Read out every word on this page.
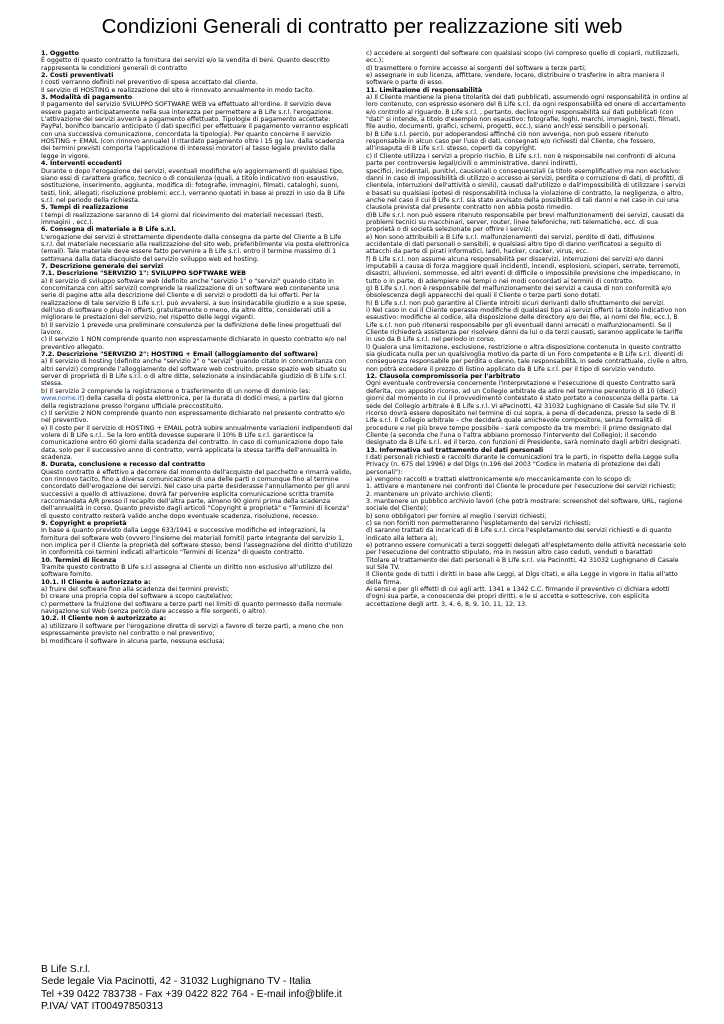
Condizioni Generali di contratto per realizzazione siti web

1. Oggetto

È oggetto di questo contratto la fornitura dei servizi e/o la vendita di beni. Quanto descritto rappresenta le condizioni generali di contratto

2. Costi preventivati

I costi verranno definiti nel preventivo di spesa accettato dal cliente.

Il servizio di HOSTING e realizzazione del sito è rinnovato annualmente in modo tacito.

3. Modalità di pagamento

Il pagamento del servizio SVILUPPO SOFTWARE WEB va effettuato all'ordine. Il servizio deve essere pagato anticipatamente nella sua interezza per permettere a B Life s.r.l. l'erogazione. L'attivazione dei servizi avverrà a pagamento effettuato. Tipologie di pagamento accettate: PayPal, bonifico bancario anticipato (i dati specifici per effettuare il pagamento verranno esplicati con una successiva comunicazione, concordata la tipologia). Per quanto concerne il servizio HOSTING + EMAIL (con rinnovo annuale) il ritardato pagamento oltre i 15 gg lav. dalla scadenza dei termini previsti comporta l'applicazione di interessi moratori al tasso legale previsto dalla legge in vigore.

4. Interventi eccedenti

Durante o dopo l'erogazione dei servizi, eventuali modifiche e/o aggiornamenti di qualsiasi tipo, siano essi di carattere grafico, tecnico o di consulenza (quali, a titolo indicativo non esaustivo, sostituzione, inserimento, aggiunta, modifica di: fotografie, immagini, filmati, cataloghi, suoni, testi, link, allegati; risoluzione problemi; ecc.), verranno quotati in base ai prezzi in uso da B Life s.r.l. nel periodo della richiesta.

5. Tempi di realizzazione

I tempi di realizzazione saranno di 14 giorni dal ricevimento dei materiali necessari (testi, immagini , ecc.).

6. Consegna di materiale a B Life s.r.l.

L'erogazione dei servizi è strettamente dipendente dalla consegna da parte del Cliente a B Life s.r.l. del materiale necessario alla realizzazione del sito web, preferibilmente via posta elettronica (email). Tale materiale deve essere fatto pervenire a B Life s.r.l. entro il termine massimo di 1 settimana dalla data diacquisto del servizio sviluppo web ed hosting.

7. Descrizione generale dei servizi

7.1. Descrizione "SERVIZIO 1": SVILUPPO SOFTWARE WEB

a) Il servizio di sviluppo software web (definito anche "servizio 1" o "servizi" quando citato in concomitanza con altri servizi) comprende la realizzazione di un software web contenente una serie di pagine atte alla descrizione del Cliente e di servizi o prodotti da lui offerti. Per la realizzazione di tale servizio B Life s.r.l. può avvalersi, a suo insindacabile giudizio e a sue spese, dell'uso di software o plug-in offerti, gratuitamente o meno, da altre ditte, considerati utili a migliorare le prestazioni del servizio, nel rispetto delle leggi vigenti.

b) Il servizio 1 prevede una preliminare consulenza per la definizione delle linee progettuali del lavoro.

c) Il servizio 1 NON comprende quanto non espressamente dichiarato in questo contratto e/o nel preventivo allegato.

7.2. Descrizione "SERVIZIO 2": HOSTING + Email (alloggiamento del software)

a) Il servizio di hosting (definito anche "servizio 2" o "servizi" quando citato in concomitanza con altri servizi) comprende l'alloggiamento del software web costruito, presso spazio web situato su server di proprietà di B Life s.r.l. o di altre ditte, selezionate a insindacabile giudizio di B Life s.r.l. stessa.

b) Il servizio 2 comprende la registrazione o trasferimento di un nome di dominio (es: www.nome.it) della casella di posta elettronica, per la durata di dodici mesi, a partire dal giorno della registrazione presso l'organo ufficiale preccostituito.

c) Il servizio 2 NON comprende quanto non espressamente dichiarato nel presente contratto e/o nel preventivo.

e) Il costo per il servizio di HOSTING + EMAIL potrà subire annualmente variazioni indipendenti dal volere di B Life s.r.l.. Se la loro entità dovesse superare il 10% B Life s.r.l. garantisce la comunicazione entro 60 giorni dalla scadenza del contratto. In caso di comunicazione dopo tale data, solo per il successivo anno di contratto, verrà applicata la stessa tariffa dell'annualità in scadenza.

8. Durata, conclusione e recesso dal contratto

Questo contratto è effettivo a decorrere dal momento dell'acquisto del pacchetto e rimarrà valido, con rinnovo tacito, fino a diversa comunicazione di una delle parti o comunque fino al termine concordato dell'erogazione dei servizi. Nel caso una parte desiderasse l'annullamento per gli anni successivi a quello di attivazione, dovrà far pervenire esplicita comunicazione scritta tramite raccomandata A/R presso il recapito dell'altra parte, almeno 90 giorni prima della scadenza dell'annualità in corso. Quanto previsto dagli articoli "Copyright e proprietà" e "Termini di licenza" di questo contratto resterà valido anche dopo eventuale scadenza, risoluzione, recesso.

9. Copyright e proprietà

In base a quanto previsto dalla Legge 633/1941 e successive modifiche ed integrazioni, la fornitura del software web (ovvero l'insieme dei materiali forniti) parte integrante del servizio 1, non implica per il Cliente la proprietà del software stesso, bensì l'assegnazione del diritto d'utilizzo in conformità coi termini indicati all'articolo "Termini di licenza" di questo contratto.

10. Termini di licenza

Tramite questo contratto B Life s.r.l assegna al Cliente un diritto non esclusivo all'utilizzo del software fornito.

10.1. Il Cliente è autorizzato a:

a) fruire del software fino alla scadenza dei termini previsti;

b) creare una propria copia del software a scopo cautelativo;

c) permettere la fruizione del software a terze parti nei limiti di quanto permesso dalla normale navigazione sul Web (senza perciò dare accesso a file sorgenti, o altro).

10.2. Il Cliente non è autorizzato a:

a) utilizzare il software per l'erogazione diretta di servizi a favore di terze parti, a meno che non espressamente previsto nel contratto o nel preventivo;

b) modificare il software in alcuna parte, nessuna esclusa;

c) accedere ai sorgenti del software con qualsiasi scopo (ivi compreso quello di copiarli, riutilizzarli, ecc.);

d) trasmettere o fornire accesso ai sorgenti del software a terze parti;

e) assegnare in sub licenza, affittare, vendere, locare, distribuire o trasferire in altra maniera il software o parte di esso.

11. Limitazione di responsabilità

a) Il Cliente mantiene la piena titolarità dei dati pubblicati, assumendo ogni responsabilità in ordine al loro contenuto, con espresso esonero del B Life s.r.l. da ogni responsabilità ed onere di accertamento e/o controllo al riguardo. B Life s.r.l. , pertanto, declina ogni responsabilità sui dati pubblicati (con "dati" si intende, a titolo d'esempio non esaustivo: fotografie, loghi, marchi, immagini, testi, filmati, file audio, documenti, grafici, schemi, progetti, ecc.), siano anch'essi sensibili o personali.

b) B Life s.r.l. perciò, pur adoperandosi affinché ciò non avvenga, non può essere ritenuto responsabile in alcun caso per l'uso di dati, consegnati e/o richiesti dal Cliente, che fossero, all'insaputa di B Life s.r.l. stesso, coperti da copyright.

c) Il Cliente utilizza i servizi a proprio rischio, B Life s.r.l. non è responsabile nei confronti di alcuna parte per controversie legali/civili o amministrative, danni indiretti,

specifici, incidentali, punitivi, causionali o consequenziali (a titolo esemplificativo ma non esclusivo: danni in caso di impossibilità di utilizzo o accesso ai servizi, perdita o corruzione di dati, di profitti, di clientela, interruzioni dell'attività o simili), causati dall'utilizzo o dall'impossibilità di utilizzare i servizi e basati su qualsiasi ipotesi di responsabilità inclusa la violazione di contratto, la negligenza, o altro, anche nel caso il cui B Life s.r.l. sia stato avvisato della possibilità di tali danni e nel caso in cui una clausola prevista dal presente contratto non abbia posto rimedio.

d)B Life s.r.l. non può essere ritenuto responsabile per brevi malfunzionamenti dei servizi, causati da problemi tecnici su macchinari, server, router, linee telefoniche, reti telematiche, ecc. di sua proprietà o di società selezionate per offrire i servizi.

e) Non sono attribuibili a B Life s.r.l. malfunzionamenti dei servizi, perdite di dati, diffusione accidentale di dati personali o sensibili, e qualsiasi altro tipo di danno verificatosi a seguito di attacchi da parte di pirati informatici, ladri, hacker, cracker, virus, ecc.

f) B Life s.r.l. non assume alcuna responsabilità per disservizi, interruzioni dei servizi e/o danni imputabili a causa di forza maggiore quali incidenti, incendi, esplosioni, scioperi, serrate, terremoti, disastri, alluvioni, sommosse, ed altri eventi di difficile o impossibile previsione che impediscano, in tutto o in parte, di adempiere nei tempi o nei modi concordati ai termini di contratto.

g) B Life s.r.l. non è responsabile del malfunzionamento dei servizi a causa di non conformità e/o obsolescenza degli apparecchi dei quali il Cliente o terze parti sono dotati.

h) B Life s.r.l. non può garantire al Cliente introiti sicuri derivanti dallo sfruttamento dei servizi.

i) Nel caso in cui il Cliente operasse modifiche di qualsiasi tipo ai servizi offerti (a titolo indicativo non esaustivo: modifiche al codice, alla disposizione delle directory e/o dei file, ai nomi dei file, ecc.), B Life s.r.l. non può ritenersi responsabile per gli eventuali danni arrecati o malfunzionamenti. Se il Cliente richiederà assistenza per risolvere danni da lui o da terzi causati, saranno applicate le tariffe in uso da B Life s.r.l. nel periodo in corso.

l) Qualora una limitazione, esclusione, restrizione o altra disposizione contenuta in questo contratto sia giudicata nulla per un qualsivoglia motivo da parte di un Foro competente e B Life s.r.l. diventi di conseguenza responsabile per perdita o danno, tale responsabilità, in sede contrattuale, civile o altro, non potrà eccedere il prezzo di listino applicato da B Life s.r.l. per il tipo di servizio venduto.

12. Clausola compromissoria per l'arbitrato

Ogni eventuale controversia concernente l'interpretazione e l'esecuzione di questo Contratto sarà deferita, con apposito ricorso, ad un Collegio arbitrale da adire nel termine perentorio di 10 (dieci) giorni dal momento in cui il provvedimento contestato è stato portato a conoscenza della parte. La sede del Collegio arbitrale è B Life s.r.l. Vi aPacinotti, 42 31032 Lughignano di Casale Sul sile TV. Il ricorso dovrà essere depositato nel termine di cui sopra, a pena di decadenza, presso la sede di B Life s.r.l. Il Collegio arbitrale – che deciderà quale amichevole compositore, senza formalità di procedure e nel più breve tempo possibile - sarà composto da tre membri: il primo designato dal Cliente (a seconda che l'una o l'altra abbiano promosso l'intervento del Collegio); il secondo designato da B Life s.r.l. ed il terzo, con funzioni di Presidente, sarà nominato dagli arbitri designati.

13. Informativa sul trattamento dei dati personali

I dati personali richiesti e raccolti durante le comunicazioni tra le parti, in rispetto della Legge sulla Privacy (n. 675 del 1996) e del Dlgs (n.196 del 2003 "Codice in materia di protezione dei dati personali"):

a) vengono raccolti e trattati elettronicamente e/o meccanicamente con lo scopo di:

1. attivare e mantenere nei confronti del Cliente le procedure per l'esecuzione dei servizi richiesti;

2. mantenere un privato archivio clienti;

3. mantenere un pubblico archivio lavori (che potrà mostrare: screenshot del software, URL, ragione sociale del Cliente);

b) sono obbligatori per fornire al meglio i servizi richiesti;

c) se non forniti non permetteranno l'espletamento dei servizi richiesti;

d) saranno trattati da incaricati di B Life s.r.l. circa l'espletamento dei servizi richiesti e di quanto indicato alla lettera a);

e) potranno essere comunicati a terzi soggetti delegati all'espletamento delle attività necessarie solo per l'esecuzione del contratto stipulato, ma in nessun altro caso ceduti, venduti o barattati

Titolare al trattamento dei dati personali è B Life s.r.l. via Pacinotti, 42 31032 Lughignano di Casale sul Sile TV.

Il Cliente gode di tutti i diritti in base alle Leggi, al Dlgs citati, e alla Legge in vigore in Italia all'atto della firma.

Ai sensi e per gli effetti di cui agli artt. 1341 e 1342 C.C. firmando il preventivo ci dichiara edotti d'ogni sua parte, a conoscenza dei propri diritti, e le si accetta e sottoscrive, con esplicita accettazione degli artt. 3, 4, 6, 8, 9, 10, 11, 12, 13.

B Life S.r.l.
Sede legale Via Pacinotti, 42 - 31032 Lughignano TV - Italia
Tel +39 0422 783738 - Fax +39 0422 822 764 - E-mail info@blife.it
P.IVA/ VAT IT00497850313
